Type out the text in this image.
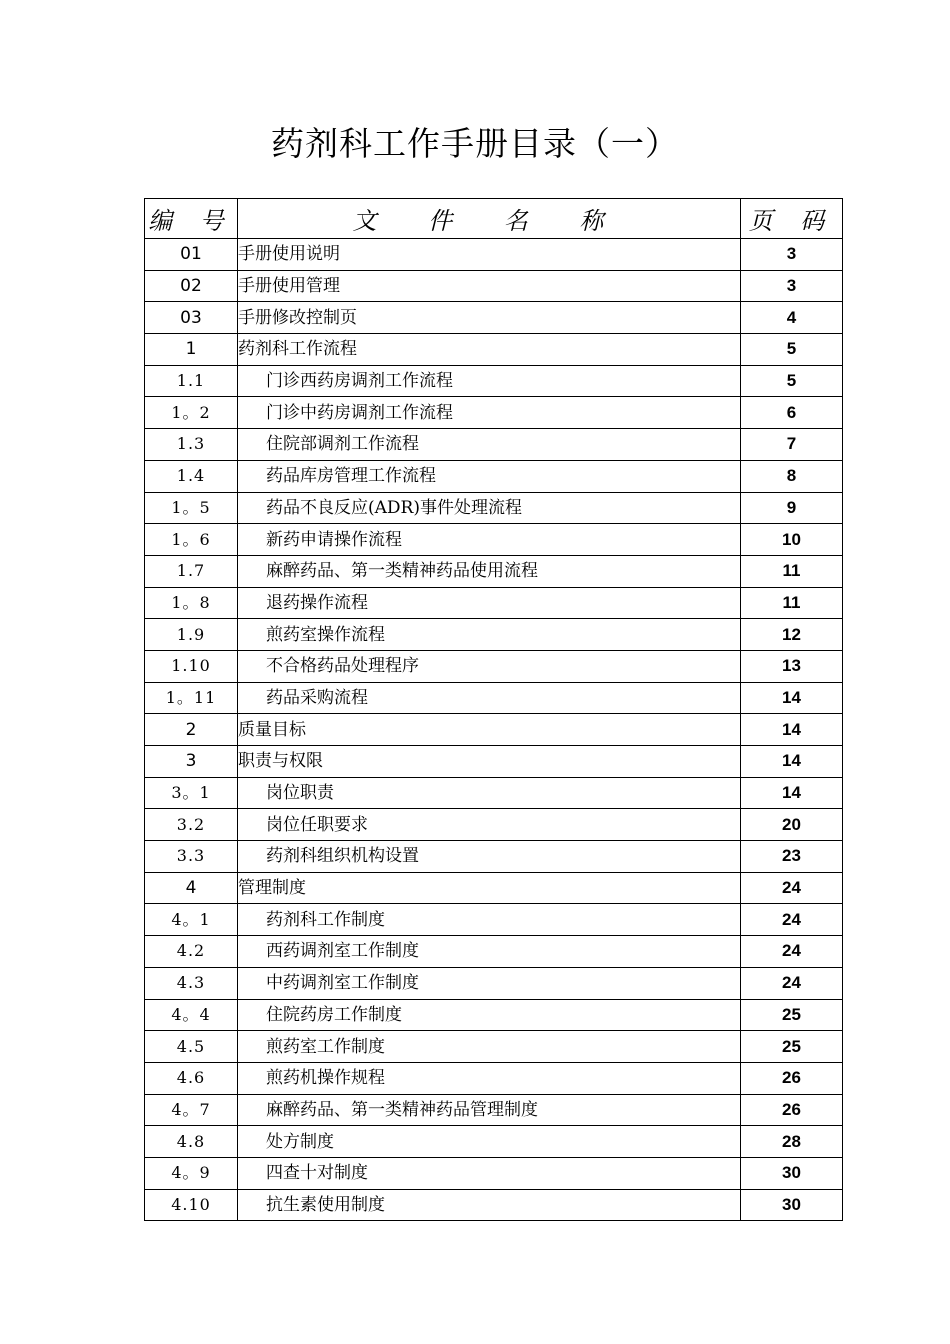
药剂科工作手册目录（一）
编 号	文 件 名 称	页 码
01	手册使用说明	3
02	手册使用管理	3
03	手册修改控制页	4
1	药剂科工作流程	5
1.1	门诊西药房调剂工作流程	5
1。2	门诊中药房调剂工作流程	6
1.3	住院部调剂工作流程	7
1.4	药品库房管理工作流程	8
1。5	药品不良反应(ADR)事件处理流程	9
1。6	新药申请操作流程	10
1.7	麻醉药品、第一类精神药品使用流程	11
1。8	退药操作流程	11
1.9	煎药室操作流程	12
1.10	不合格药品处理程序	13
1。11	药品采购流程	14
2	质量目标	14
3	职责与权限	14
3。1	岗位职责	14
3.2	岗位任职要求	20
3.3	药剂科组织机构设置	23
4	管理制度	24
4。1	药剂科工作制度	24
4.2	西药调剂室工作制度	24
4.3	中药调剂室工作制度	24
4。4	住院药房工作制度	25
4.5	煎药室工作制度	25
4.6	煎药机操作规程	26
4。7	麻醉药品、第一类精神药品管理制度	26
4.8	处方制度	28
4。9	四查十对制度	30
4.10	抗生素使用制度	30
